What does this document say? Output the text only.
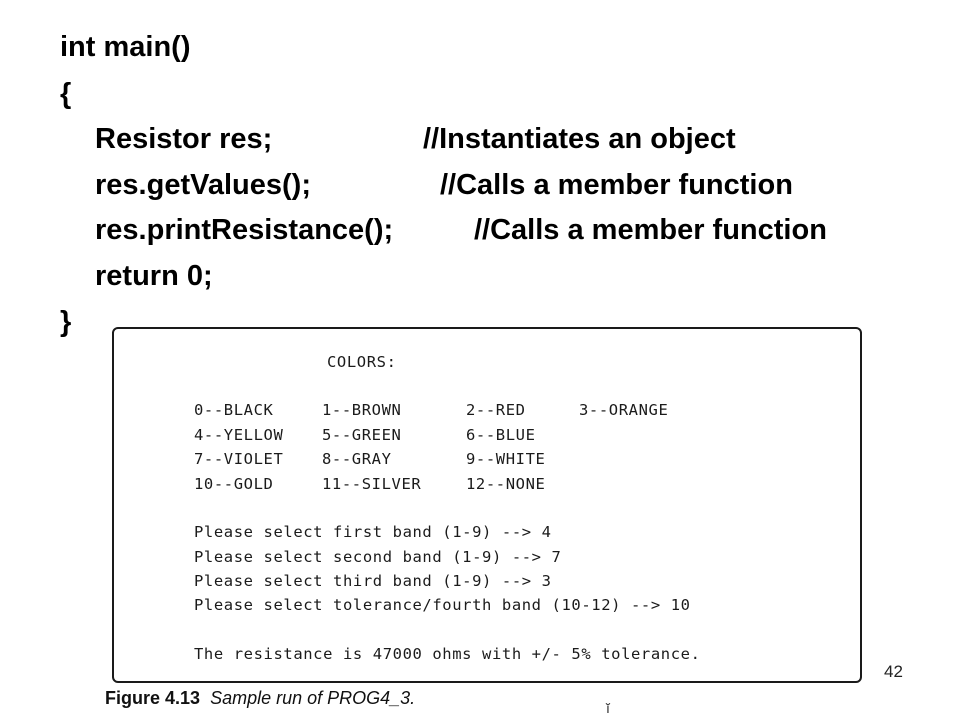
int main()
{
Resistor res;	//Instantiates an object
res.getValues();	//Calls a member function
res.printResistance();	//Calls a member function
return 0;
}
COLORS:
0--BLACK	1--BROWN	2--RED	3--ORANGE
4--YELLOW 5--GREEN	6--BLUE
7--VIOLET 8--GRAY	9--WHITE
10--GOLD	11--SILVER	12--NONE
Please select first band (1-9) --> 4
Please select second band (1-9) --> 7
Please select third band (1-9) --> 3
Please select tolerance/fourth band (10-12) --> 10
The resistance is 47000 ohms with +/- 5% tolerance.
42
Figure 4.13 Sample run of PROG4_3.	ĭ
